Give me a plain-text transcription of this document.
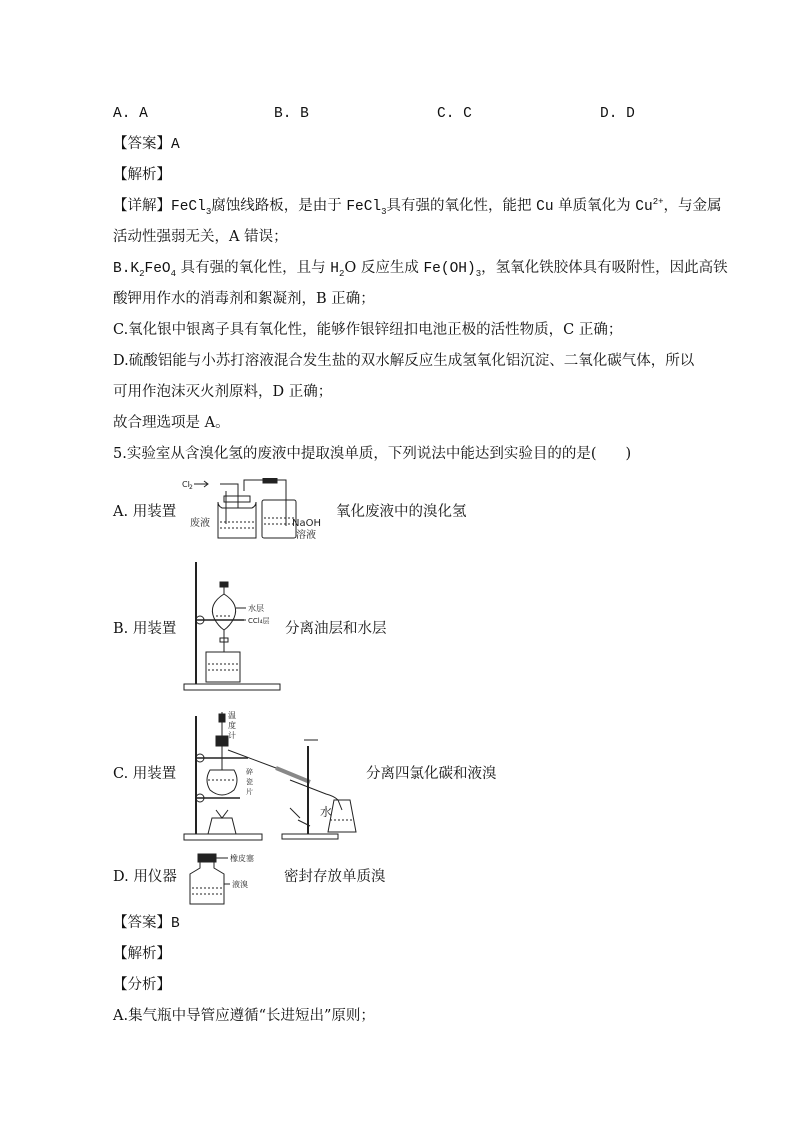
A. A	B. B	C. C	D. D
【答案】A
【解析】
【详解】FeCl$_3$腐蚀线路板，是由于 FeCl$_3$具有强的氧化性，能把 Cu 单质氧化为 $Cu^{2+}$，与金属
活动性强弱无关，A 错误；
$B.K_2FeO_4$ 具有强的氧化性，且与 $H_2O$ 反应生成 $Fe(OH)_3$，氢氧化铁胶体具有吸附性，因此高铁
酸钾用作水的消毒剂和絮凝剂，B 正确；
C.氧化银中银离子具有氧化性，能够作银锌纽扣电池正极的活性物质，C 正确；
D.硫酸铝能与小苏打溶液混合发生盐的双水解反应生成氢氧化铝沉淀、二氧化碳气体，所以
可用作泡沫灭火剂原料，D 正确；
故合理选项是 A。
5.实验室从含溴化氢的废液中提取溴单质，下列说法中能达到实验目的的是(　　)
A. 用装置
Cl 2
废液	NaOH
溶液
氧化废液中的溴化氢
B. 用装置
水层
CCl₄层 分离油层和水层
C. 用装置
温
度
计
碎
瓷
片
水
分离四氯化碳和液溴
D. 用仪器
橡皮塞
液溴 密封存放单质溴
【答案】B
【解析】
【分析】
A.集气瓶中导管应遵循“长进短出”原则；
